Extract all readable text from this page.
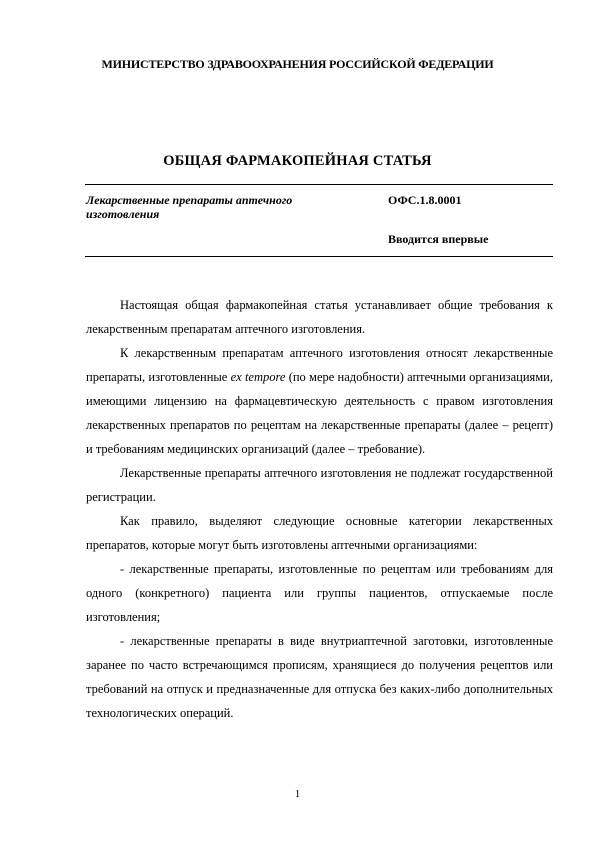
МИНИСТЕРСТВО ЗДРАВООХРАНЕНИЯ РОССИЙСКОЙ ФЕДЕРАЦИИ
ОБЩАЯ ФАРМАКОПЕЙНАЯ СТАТЬЯ
Лекарственные препараты аптечного изготовления
ОФС.1.8.0001
Вводится впервые

Настоящая общая фармакопейная статья устанавливает общие требования к лекарственным препаратам аптечного изготовления.

К лекарственным препаратам аптечного изготовления относят лекарственные препараты, изготовленные ex tempore (по мере надобности) аптечными организациями, имеющими лицензию на фармацевтическую деятельность с правом изготовления лекарственных препаратов по рецептам на лекарственные препараты (далее – рецепт) и требованиям медицинских организаций (далее – требование).

Лекарственные препараты аптечного изготовления не подлежат государственной регистрации.

Как правило, выделяют следующие основные категории лекарственных препаратов, которые могут быть изготовлены аптечными организациями:

- лекарственные препараты, изготовленные по рецептам или требованиям для одного (конкретного) пациента или группы пациентов, отпускаемые после изготовления;

- лекарственные препараты в виде внутриаптечной заготовки, изготовленные заранее по часто встречающимся прописям, хранящиеся до получения рецептов или требований на отпуск и предназначенные для отпуска без каких-либо дополнительных технологических операций.

1
